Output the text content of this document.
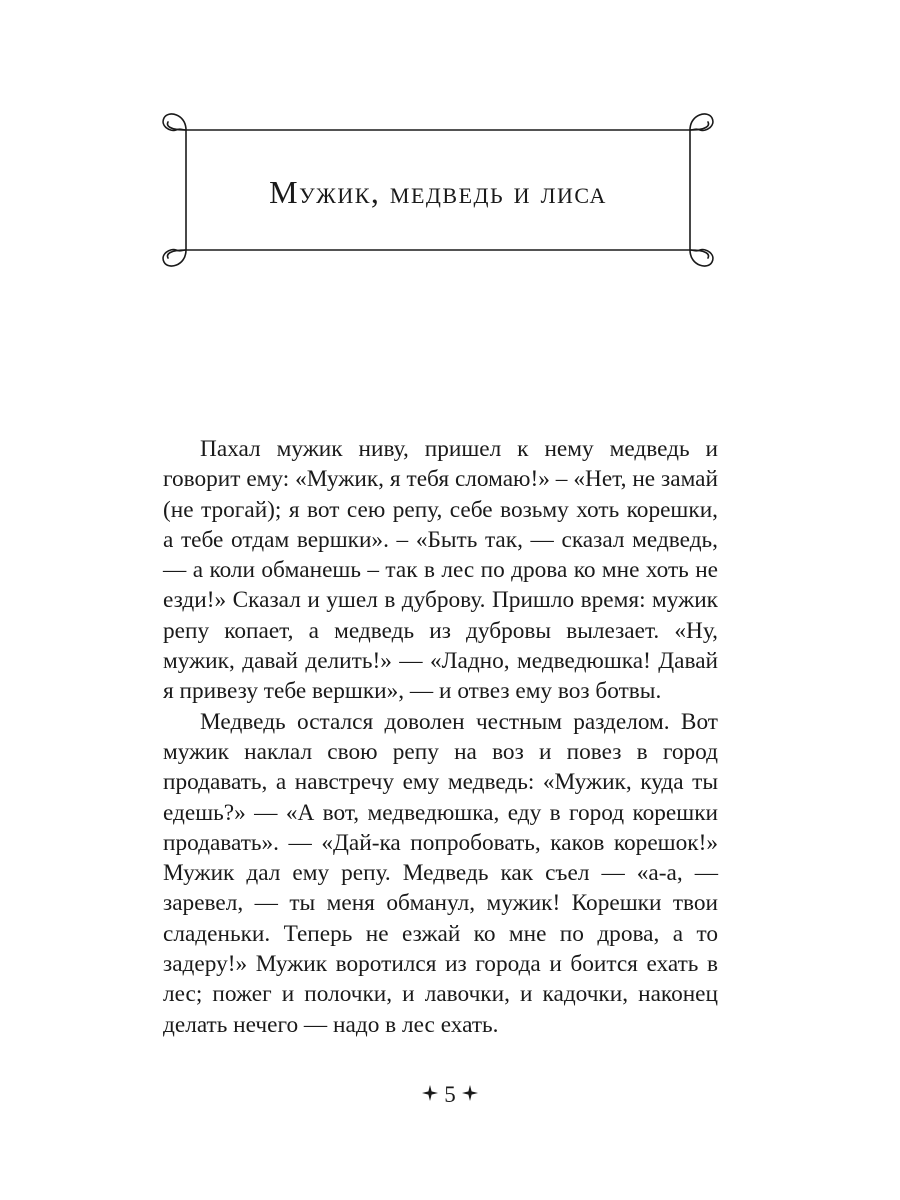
Мужик, медведь и лиса

Пахал мужик ниву, пришел к нему медведь и говорит ему: «Мужик, я тебя сломаю!» – «Нет, не замай (не трогай); я вот сею репу, себе возьму хоть корешки, а тебе отдам вершки». – «Быть так, — сказал медведь, — а коли обманешь – так в лес по дрова ко мне хоть не езди!» Сказал и ушел в дуброву. Пришло время: мужик репу копает, а медведь из дубровы вылезает. «Ну, мужик, давай делить!» — «Ладно, медведюшка! Давай я привезу тебе вершки», — и отвез ему воз ботвы.

Медведь остался доволен честным разделом. Вот мужик наклал свою репу на воз и повез в город продавать, а навстречу ему медведь: «Мужик, куда ты едешь?» — «А вот, медведюшка, еду в город корешки продавать». — «Дай-ка попробовать, каков корешок!» Мужик дал ему репу. Медведь как съел — «а-а, — заревел, — ты меня обманул, мужик! Корешки твои сладеньки. Теперь не езжай ко мне по дрова, а то задеру!» Мужик воротился из города и боится ехать в лес; пожег и полочки, и лавочки, и кадочки, наконец делать нечего — надо в лес ехать.

5
